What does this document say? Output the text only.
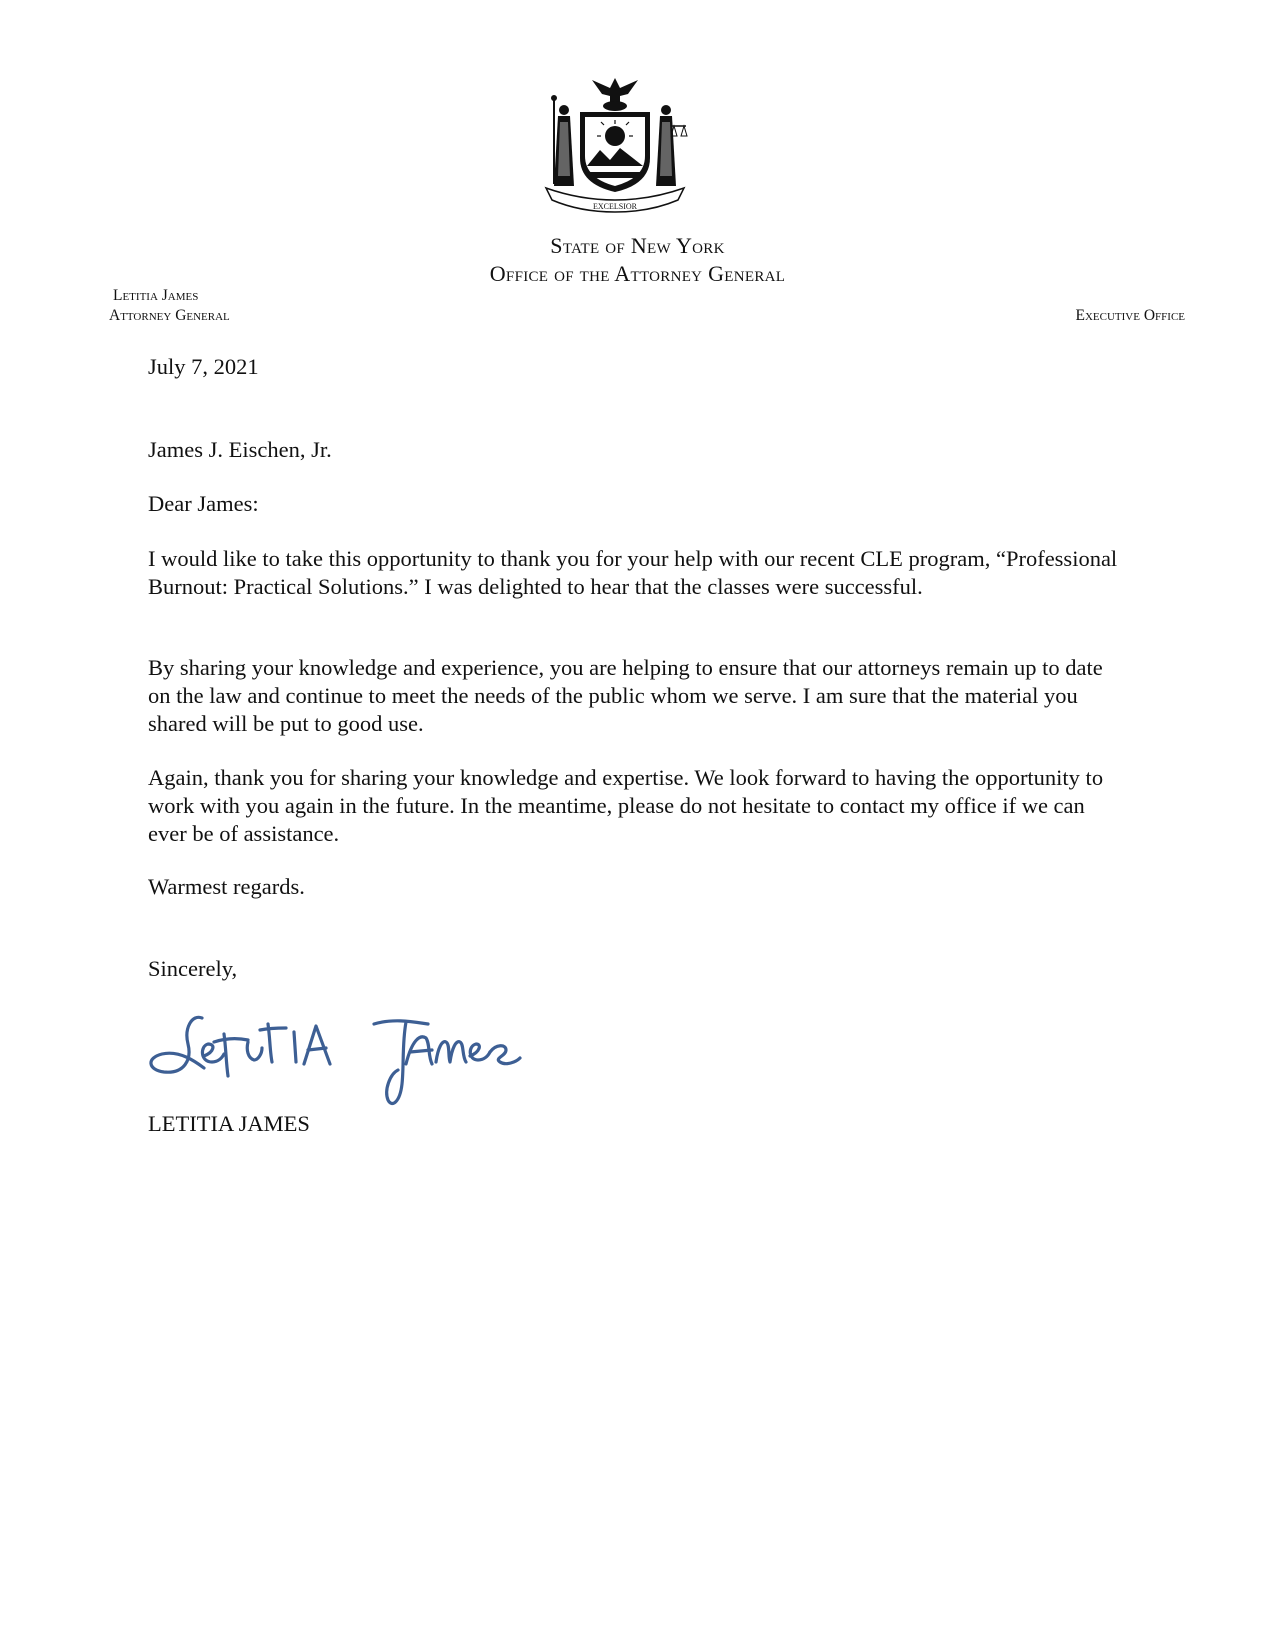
EXCELSIOR
State of New York
Office of the Attorney General
Letitia James
Attorney General	Executive Office

July 7, 2021

James J. Eischen, Jr.

Dear James:

I would like to take this opportunity to thank you for your help with our recent CLE program, “Professional Burnout: Practical Solutions.” I was delighted to hear that the classes were successful.

By sharing your knowledge and experience, you are helping to ensure that our attorneys remain up to date on the law and continue to meet the needs of the public whom we serve. I am sure that the material you shared will be put to good use.

Again, thank you for sharing your knowledge and expertise. We look forward to having the opportunity to work with you again in the future. In the meantime, please do not hesitate to contact my office if we can ever be of assistance.

Warmest regards.

Sincerely,

LETITIA JAMES
